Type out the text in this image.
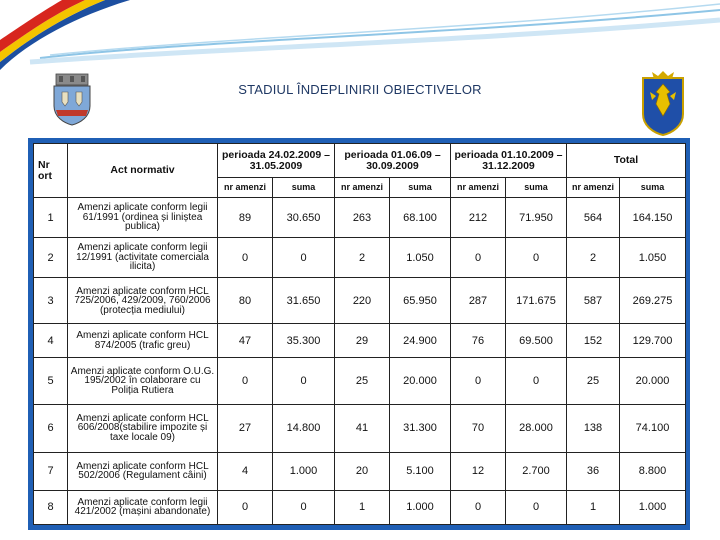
STADIUL ÎNDEPLINIRII OBIECTIVELOR
Nr ort	Act normativ	perioada 24.02.2009 – 31.05.2009		perioada 01.06.09 – 30.09.2009		perioada 01.10.2009 – 31.12.2009		Total	
		nr amenzi	suma	nr amenzi	suma	nr amenzi	suma	nr amenzi	suma
1	Amenzi aplicate conform legii 61/1991 (ordinea și liniștea publica)	89	30.650	263	68.100	212	71.950	564	164.150
2	Amenzi aplicate conform legii 12/1991 (activitate comerciala ilicita)	0	0	2	1.050	0	0	2	1.050
3	Amenzi aplicate conform HCL 725/2006, 429/2009, 760/2006 (protecția mediului)	80	31.650	220	65.950	287	171.675	587	269.275
4	Amenzi aplicate conform HCL 874/2005 (trafic greu)	47	35.300	29	24.900	76	69.500	152	129.700
5	Amenzi aplicate conform O.U.G. 195/2002 în colaborare cu Poliția Rutiera	0	0	25	20.000	0	0	25	20.000
6	Amenzi aplicate conform HCL 606/2008(stabilire impozite și taxe locale 09)	27	14.800	41	31.300	70	28.000	138	74.100
7	Amenzi aplicate conform HCL 502/2006 (Regulament câini)	4	1.000	20	5.100	12	2.700	36	8.800
8	Amenzi aplicate conform legii 421/2002 (mașini abandonate)	0	0	1	1.000	0	0	1	1.000
